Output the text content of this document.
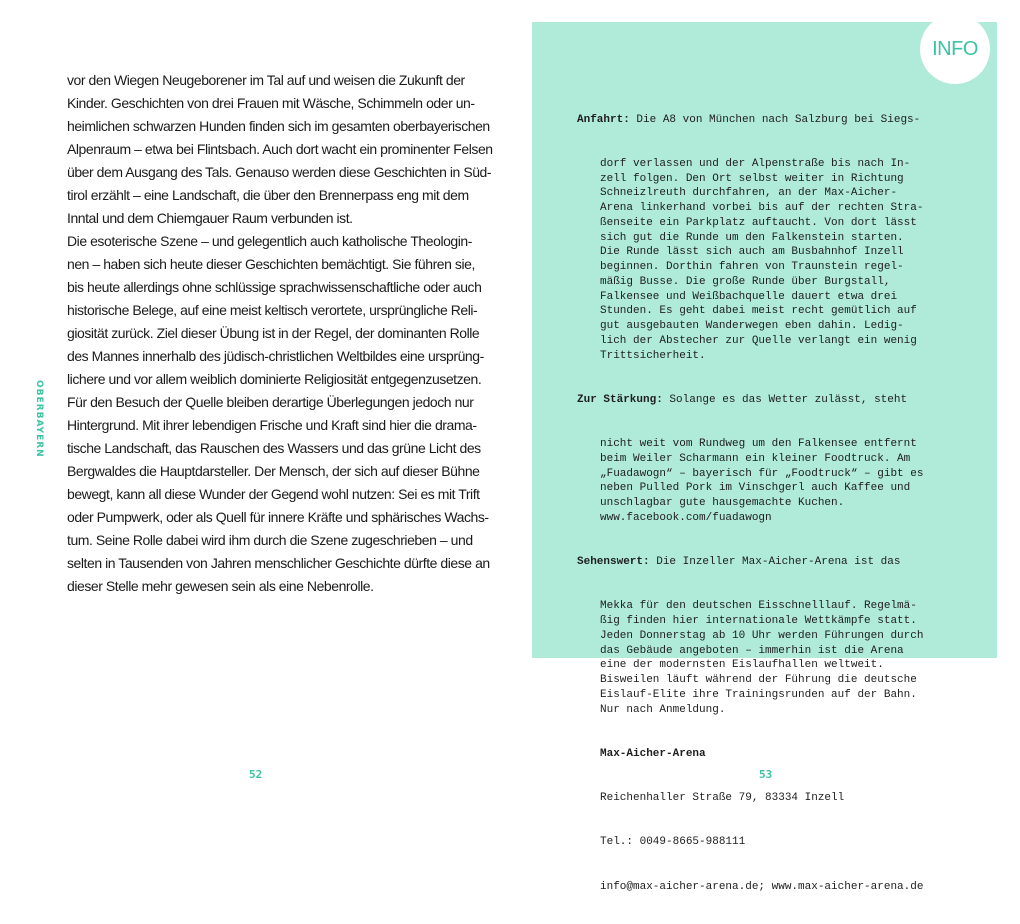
OBERBAYERN
vor den Wiegen Neugeborener im Tal auf und weisen die Zukunft der
Kinder. Geschichten von drei Frauen mit Wäsche, Schimmeln oder un-
heimlichen schwarzen Hunden finden sich im gesamten oberbayerischen
Alpenraum – etwa bei Flintsbach. Auch dort wacht ein prominenter Felsen
über dem Ausgang des Tals. Genauso werden diese Geschichten in Süd-
tirol erzählt – eine Landschaft, die über den Brennerpass eng mit dem
Inntal und dem Chiemgauer Raum verbunden ist.
Die esoterische Szene – und gelegentlich auch katholische Theologin-
nen – haben sich heute dieser Geschichten bemächtigt. Sie führen sie,
bis heute allerdings ohne schlüssige sprachwissenschaftliche oder auch
historische Belege, auf eine meist keltisch verortete, ursprüngliche Reli-
giosität zurück. Ziel dieser Übung ist in der Regel, der dominanten Rolle
des Mannes innerhalb des jüdisch-christlichen Weltbildes eine ursprüng-
lichere und vor allem weiblich dominierte Religiosität entgegenzusetzen.
Für den Besuch der Quelle bleiben derartige Überlegungen jedoch nur
Hintergrund. Mit ihrer lebendigen Frische und Kraft sind hier die drama-
tische Landschaft, das Rauschen des Wassers und das grüne Licht des
Bergwaldes die Hauptdarsteller. Der Mensch, der sich auf dieser Bühne
bewegt, kann all diese Wunder der Gegend wohl nutzen: Sei es mit Trift
oder Pumpwerk, oder als Quell für innere Kräfte und sphärisches Wachs-
tum. Seine Rolle dabei wird ihm durch die Szene zugeschrieben – und
selten in Tausenden von Jahren menschlicher Geschichte dürfte diese an
dieser Stelle mehr gewesen sein als eine Nebenrolle.
52
INFO

Anfahrt: Die A8 von München nach Salzburg bei Siegs-

dorf verlassen und der Alpenstraße bis nach In-
zell folgen. Den Ort selbst weiter in Richtung
Schneizlreuth durchfahren, an der Max-Aicher-
Arena linkerhand vorbei bis auf der rechten Stra-
ßenseite ein Parkplatz auftaucht. Von dort lässt
sich gut die Runde um den Falkenstein starten.
Die Runde lässt sich auch am Busbahnhof Inzell
beginnen. Dorthin fahren von Traunstein regel-
mäßig Busse. Die große Runde über Burgstall,
Falkensee und Weißbachquelle dauert etwa drei
Stunden. Es geht dabei meist recht gemütlich auf
gut ausgebauten Wanderwegen eben dahin. Ledig-
lich der Abstecher zur Quelle verlangt ein wenig
Trittsicherheit.

Zur Stärkung: Solange es das Wetter zulässt, steht

nicht weit vom Rundweg um den Falkensee entfernt
beim Weiler Scharmann ein kleiner Foodtruck. Am
„Fuadawogn“ – bayerisch für „Foodtruck“ – gibt es
neben Pulled Pork im Vinschgerl auch Kaffee und
unschlagbar gute hausgemachte Kuchen.
www.facebook.com/fuadawogn

Sehenswert: Die Inzeller Max-Aicher-Arena ist das

Mekka für den deutschen Eisschnelllauf. Regelmä-
ßig finden hier internationale Wettkämpfe statt.
Jeden Donnerstag ab 10 Uhr werden Führungen durch
das Gebäude angeboten – immerhin ist die Arena
eine der modernsten Eislaufhallen weltweit.
Bisweilen läuft während der Führung die deutsche
Eislauf-Elite ihre Trainingsrunden auf der Bahn.
Nur nach Anmeldung.

Max-Aicher-Arena

Reichenhaller Straße 79, 83334 Inzell

Tel.: 0049-8665-988111

info@max-aicher-arena.de; www.max-aicher-arena.de

53
